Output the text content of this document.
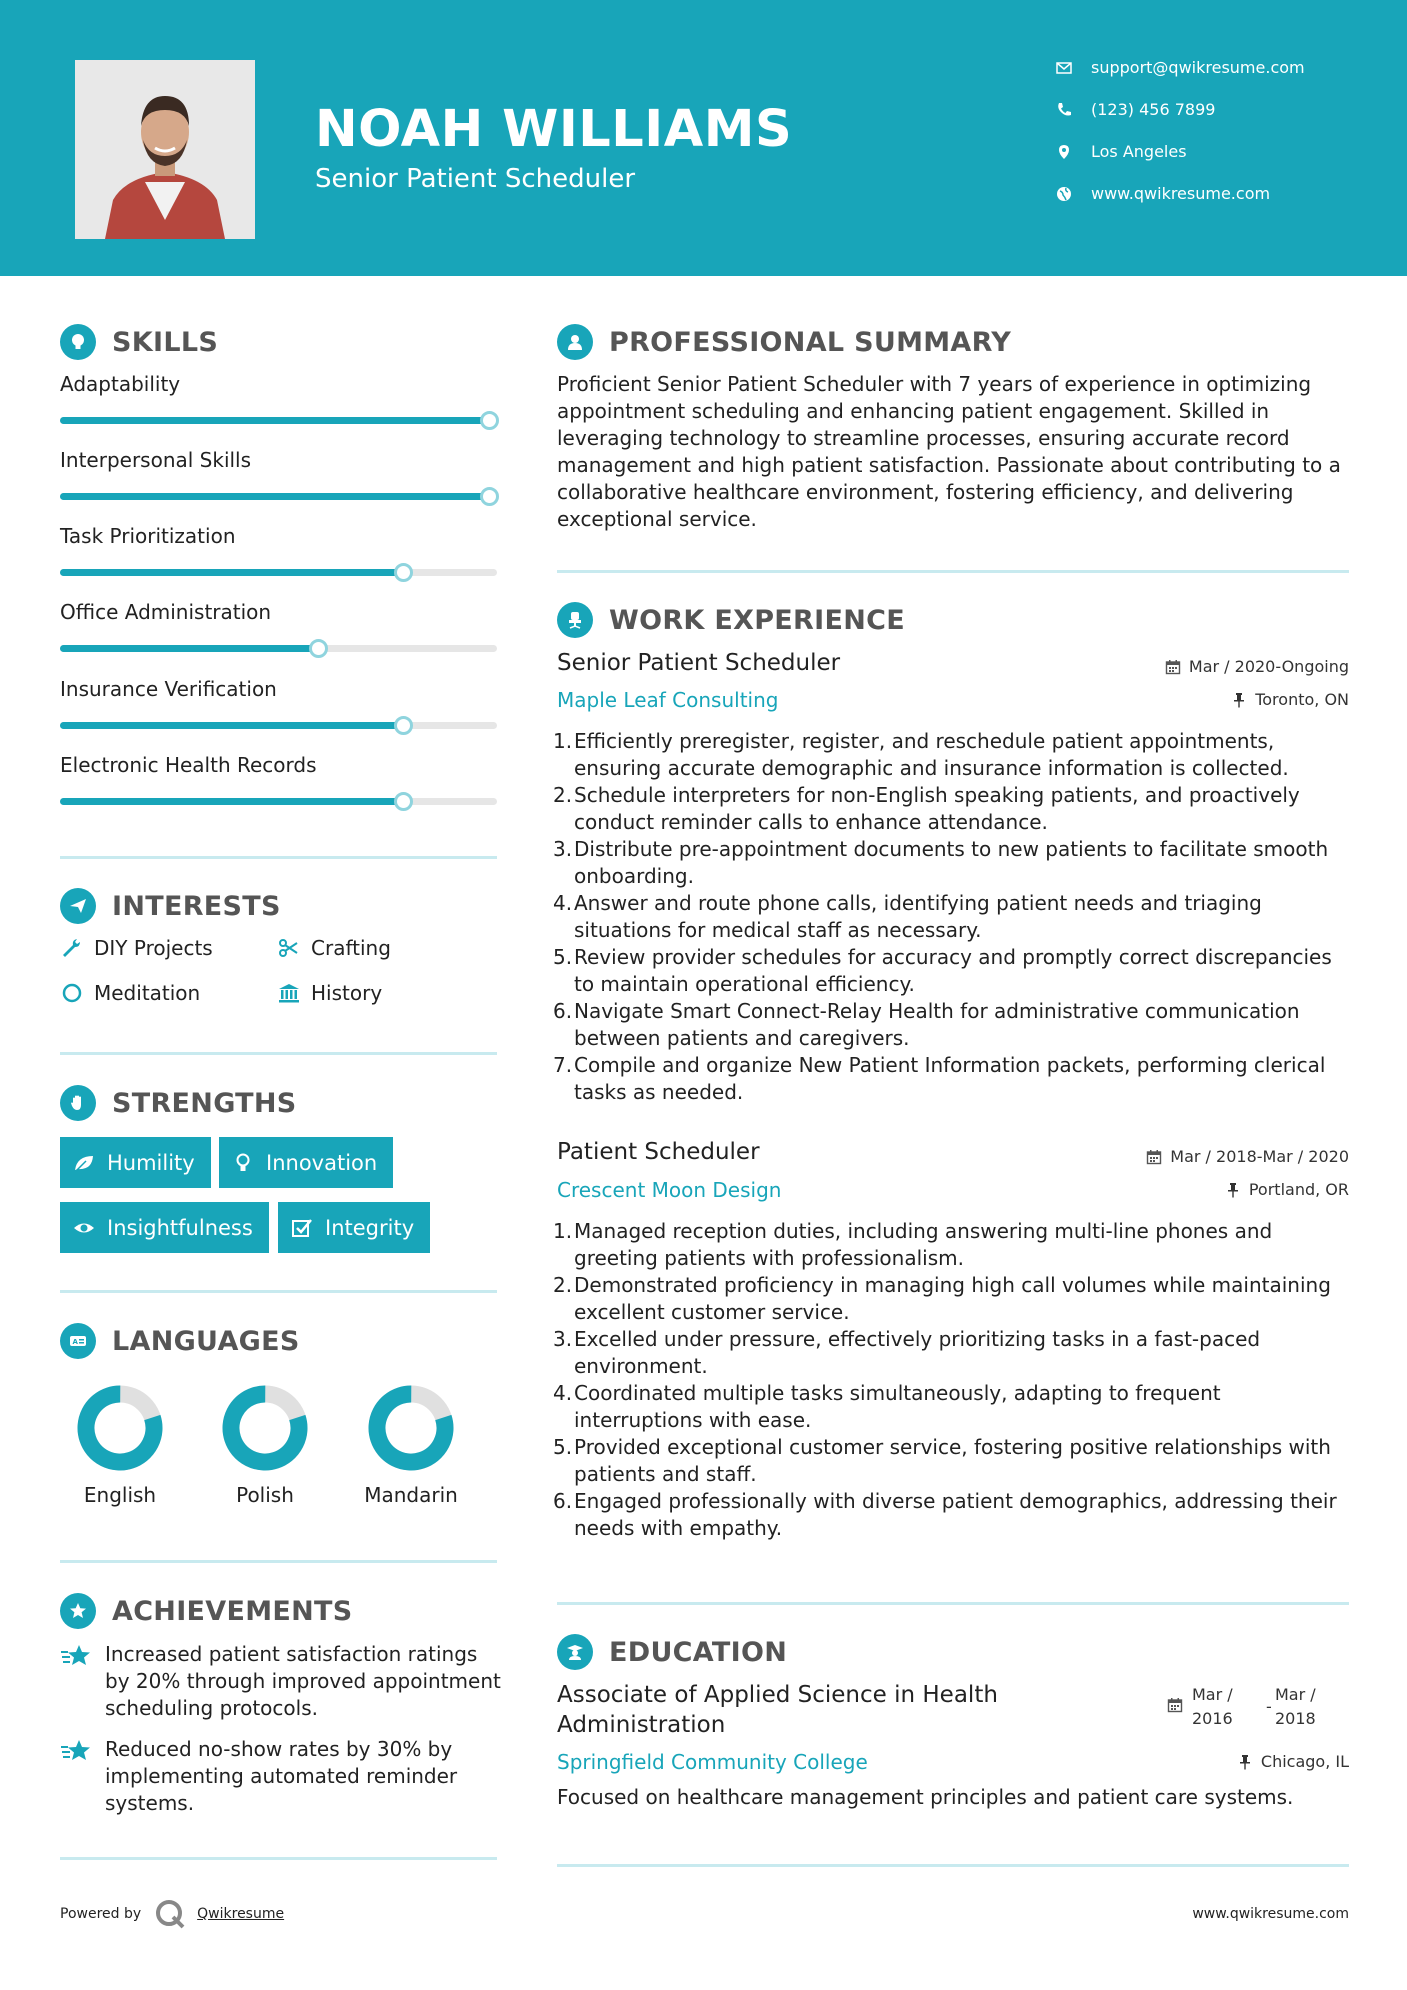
NOAH WILLIAMS
Senior Patient Scheduler
support@qwikresume.com
(123) 456 7899
Los Angeles
www.qwikresume.com
SKILLS
Adaptability
Interpersonal Skills
Task Prioritization
Office Administration
Insurance Verification
Electronic Health Records
INTERESTS
DIY Projects	Crafting
Meditation	History
STRENGTHS
Humility	Innovation
Insightfulness	Integrity
A LANGUAGES
English	Polish	Mandarin
ACHIEVEMENTS
Increased patient satisfaction ratings by 20% through improved appointment scheduling protocols.
Reduced no-show rates by 30% by implementing automated reminder systems.
PROFESSIONAL SUMMARY
Proficient Senior Patient Scheduler with 7 years of experience in optimizing appointment scheduling and enhancing patient engagement. Skilled in leveraging technology to streamline processes, ensuring accurate record management and high patient satisfaction. Passionate about contributing to a collaborative healthcare environment, fostering efficiency, and delivering exceptional service.
WORK EXPERIENCE
Senior Patient Scheduler	Mar / 2020-Ongoing
Maple Leaf Consulting	Toronto, ON
1. Efficiently preregister, register, and reschedule patient appointments, ensuring accurate demographic and insurance information is collected.
2. Schedule interpreters for non-English speaking patients, and proactively conduct reminder calls to enhance attendance.
3. Distribute pre-appointment documents to new patients to facilitate smooth onboarding.
4. Answer and route phone calls, identifying patient needs and triaging situations for medical staff as necessary.
5. Review provider schedules for accuracy and promptly correct discrepancies to maintain operational efficiency.
6. Navigate Smart Connect-Relay Health for administrative communication between patients and caregivers.
7. Compile and organize New Patient Information packets, performing clerical tasks as needed.
Patient Scheduler	Mar / 2018-Mar / 2020
Crescent Moon Design	Portland, OR
1. Managed reception duties, including answering multi-line phones and greeting patients with professionalism.
2. Demonstrated proficiency in managing high call volumes while maintaining excellent customer service.
3. Excelled under pressure, effectively prioritizing tasks in a fast-paced environment.
4. Coordinated multiple tasks simultaneously, adapting to frequent interruptions with ease.
5. Provided exceptional customer service, fostering positive relationships with patients and staff.
6. Engaged professionally with diverse patient demographics, addressing their needs with empathy.
EDUCATION
Associate of Applied Science in Health Administration
Mar /
2016
-
Mar /
2018
Springfield Community College	Chicago, IL
Focused on healthcare management principles and patient care systems.
Powered by	Qwikresume	www.qwikresume.com
